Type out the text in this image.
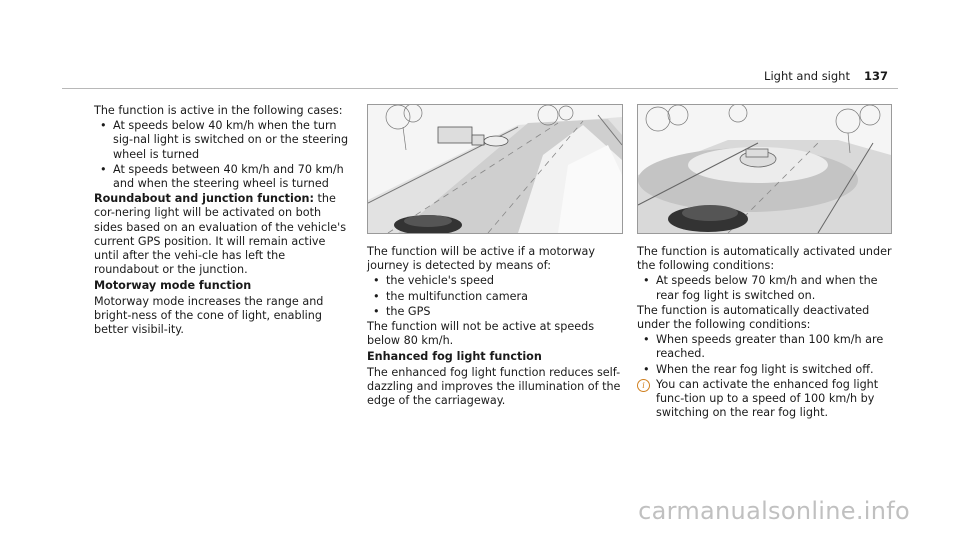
Light and sight 137

The function is active in the following cases:

• At speeds below 40 km/h when the turn sig-nal light is switched on or the steering wheel is turned
• At speeds between 40 km/h and 70 km/h and when the steering wheel is turned

Roundabout and junction function: the cor-nering light will be activated on both sides based on an evaluation of the vehicle's current GPS position. It will remain active until after the vehi-cle has left the roundabout or the junction.

Motorway mode function

Motorway mode increases the range and bright-ness of the cone of light, enabling better visibil-ity.

The function will be active if a motorway journey is detected by means of:

• the vehicle's speed
• the multifunction camera
• the GPS

The function will not be active at speeds below 80 km/h.

Enhanced fog light function

The enhanced fog light function reduces self-dazzling and improves the illumination of the edge of the carriageway.

The function is automatically activated under the following conditions:

• At speeds below 70 km/h and when the rear fog light is switched on.

The function is automatically deactivated under the following conditions:

• When speeds greater than 100 km/h are reached.
• When the rear fog light is switched off.
i	You can activate the enhanced fog light func-tion up to a speed of 100 km/h by switching on the rear fog light.
carmanualsonline.info
